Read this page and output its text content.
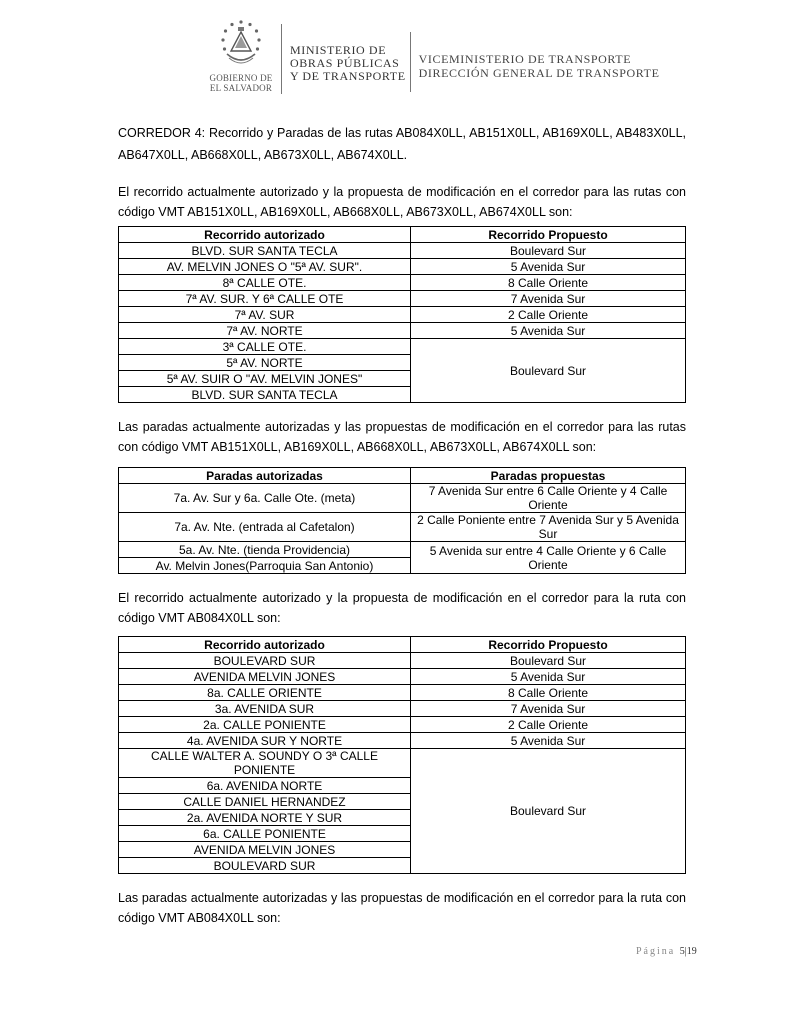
GOBIERNO DE
EL SALVADOR
MINISTERIO DE
OBRAS PÚBLICAS
Y DE TRANSPORTE
VICEMINISTERIO DE TRANSPORTE
DIRECCIÓN GENERAL DE TRANSPORTE

CORREDOR 4: Recorrido y Paradas de las rutas AB084X0LL, AB151X0LL, AB169X0LL, AB483X0LL, AB647X0LL, AB668X0LL, AB673X0LL, AB674X0LL.

El recorrido actualmente autorizado y la propuesta de modificación en el corredor para las rutas con código VMT AB151X0LL, AB169X0LL, AB668X0LL, AB673X0LL, AB674X0LL son:

Recorrido autorizado	Recorrido Propuesto
BLVD. SUR SANTA TECLA	Boulevard Sur
AV. MELVIN JONES O "5ª AV. SUR".	5 Avenida Sur
8ª CALLE OTE.	8 Calle Oriente
7ª AV. SUR. Y 6ª CALLE OTE	7 Avenida Sur
7ª AV. SUR	2 Calle Oriente
7ª AV. NORTE	5 Avenida Sur
3ª CALLE OTE.	Boulevard Sur
5ª AV. NORTE	
5ª AV. SUIR O "AV. MELVIN JONES"	
BLVD. SUR SANTA TECLA	

Las paradas actualmente autorizadas y las propuestas de modificación en el corredor para las rutas con código VMT AB151X0LL, AB169X0LL, AB668X0LL, AB673X0LL, AB674X0LL son:

Paradas autorizadas	Paradas propuestas
7a. Av. Sur y 6a. Calle Ote. (meta)	7 Avenida Sur entre 6 Calle Oriente y 4 Calle Oriente
7a. Av. Nte. (entrada al Cafetalon)	2 Calle Poniente entre 7 Avenida Sur y 5 Avenida Sur
5a. Av. Nte. (tienda Providencia)	5 Avenida sur entre 4 Calle Oriente y 6 Calle Oriente
Av. Melvin Jones(Parroquia San Antonio)	

El recorrido actualmente autorizado y la propuesta de modificación en el corredor para la ruta con código VMT AB084X0LL son:

Recorrido autorizado	Recorrido Propuesto
BOULEVARD SUR	Boulevard Sur
AVENIDA MELVIN JONES	5 Avenida Sur
8a. CALLE ORIENTE	8 Calle Oriente
3a. AVENIDA SUR	7 Avenida Sur
2a. CALLE PONIENTE	2 Calle Oriente
4a. AVENIDA SUR Y NORTE	5 Avenida Sur
CALLE WALTER A. SOUNDY O 3ª CALLE PONIENTE	Boulevard Sur
6a. AVENIDA NORTE	
CALLE DANIEL HERNANDEZ	
2a. AVENIDA NORTE Y SUR	
6a. CALLE PONIENTE	
AVENIDA MELVIN JONES	
BOULEVARD SUR	

Las paradas actualmente autorizadas y las propuestas de modificación en el corredor para la ruta con código VMT AB084X0LL son:

Página 5|19
